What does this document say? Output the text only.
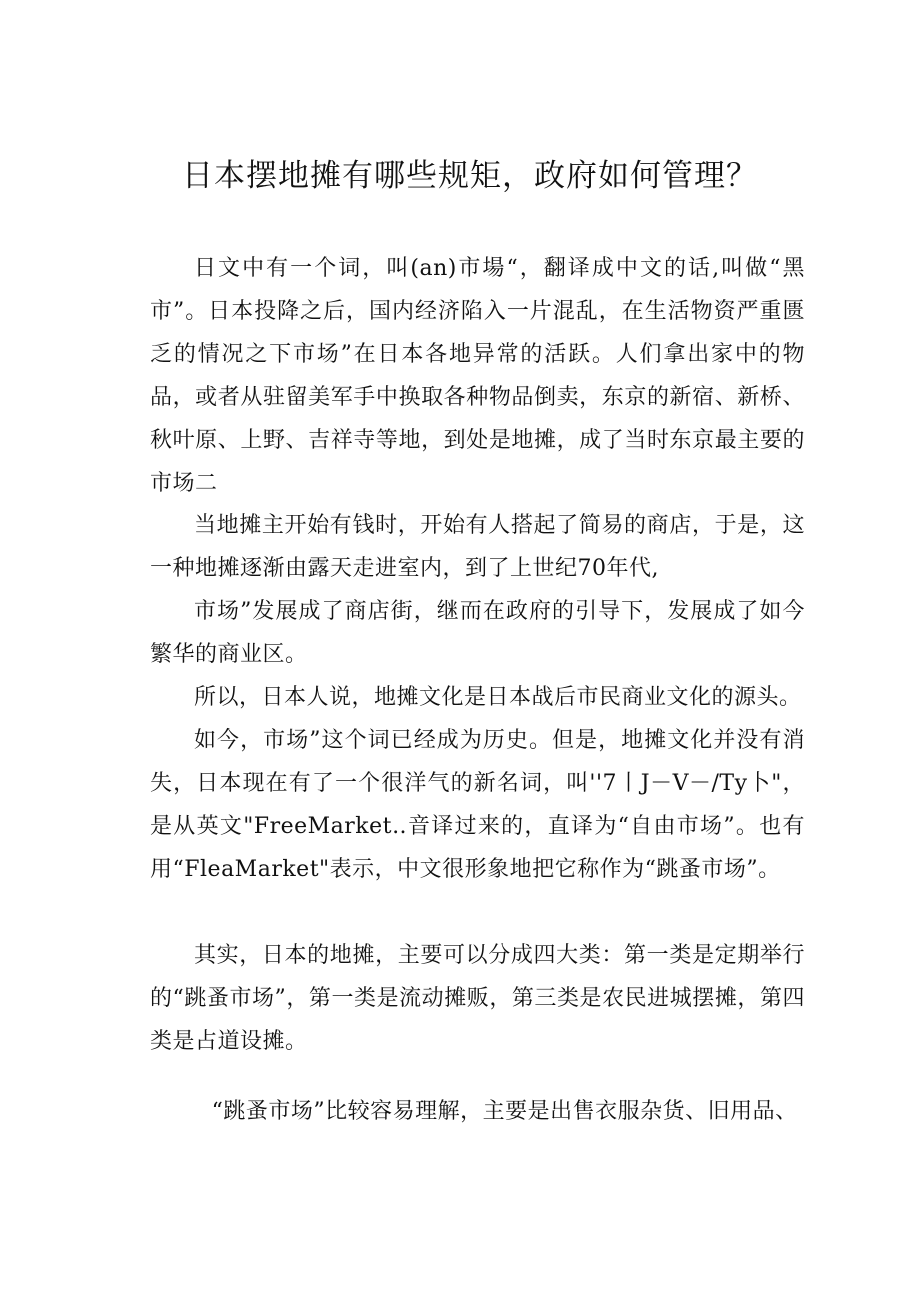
日本摆地摊有哪些规矩，政府如何管理？

日文中有一个词，叫(an)市場“，翻译成中文的话,叫做“黑市”。日本投降之后，国内经济陷入一片混乱，在生活物资严重匮乏的情况之下市场”在日本各地异常的活跃。人们拿出家中的物品，或者从驻留美军手中换取各种物品倒卖，东京的新宿、新桥、秋叶原、上野、吉祥寺等地，到处是地摊，成了当时东京最主要的市场二

当地摊主开始有钱时，开始有人搭起了简易的商店，于是，这一种地摊逐渐由露天走进室内，到了上世纪70年代,

市场”发展成了商店街，继而在政府的引导下，发展成了如今繁华的商业区。

所以，日本人说，地摊文化是日本战后市民商业文化的源头。

如今，市场”这个词已经成为历史。但是，地摊文化并没有消失，日本现在有了一个很洋气的新名词，叫''7丨J－V－/Ty卜"，是从英文"FreeMarket‥音译过来的，直译为“自由市场”。也有用“FleaMarket"表示，中文很形象地把它称作为“跳蚤市场”。

其实，日本的地摊，主要可以分成四大类：第一类是定期举行的“跳蚤市场”，第一类是流动摊贩，第三类是农民进城摆摊，第四类是占道设摊。

“跳蚤市场”比较容易理解，主要是出售衣服杂货、旧用品、
